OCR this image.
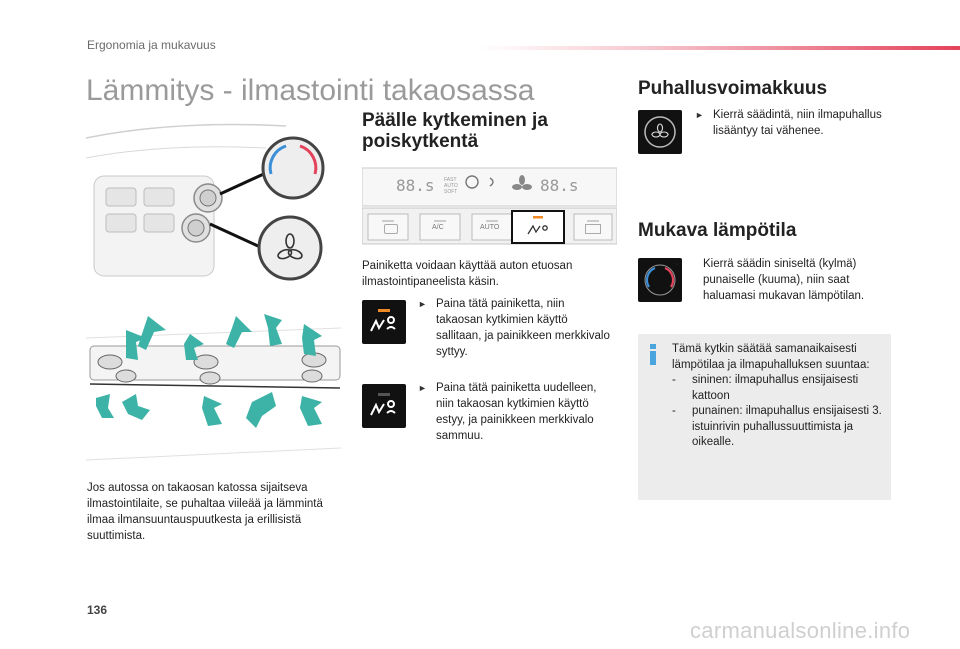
Ergonomia ja mukavuus
Lämmitys - ilmastointi takaosassa
Jos autossa on takaosan katossa sijaitseva ilmastointilaite, se puhaltaa viileää ja lämmintä ilmaa ilmansuuntauspuutkesta ja erillisistä suuttimista.
Päälle kytkeminen ja
poiskytkentä
88.s FAST AUTO SOFT	88.s
A/C	AUTO
Painiketta voidaan käyttää auton etuosan ilmastointipaneelista käsin.
► Paina tätä painiketta, niin takaosan kytkimien käyttö sallitaan, ja painikkeen merkkivalo syttyy.
► Paina tätä painiketta uudelleen, niin takaosan kytkimien käyttö estyy, ja painikkeen merkkivalo sammuu.
Puhallusvoimakkuus
► Kierrä säädintä, niin ilmapuhallus lisääntyy tai vähenee.
Mukava lämpötila
-	Kierrä säädin siniseltä (kylmä) punaiselle (kuuma), niin saat haluamasi mukavan lämpötilan.
Tämä kytkin säätää samanaikaisesti lämpötilaa ja ilmapuhalluksen suuntaa:
-	sininen: ilmapuhallus ensijaisesti kattoon
-	punainen: ilmapuhallus ensijaisesti 3. istuinrivin puhallussuuttimista ja oikealle.
136
carmanualsonline.info
